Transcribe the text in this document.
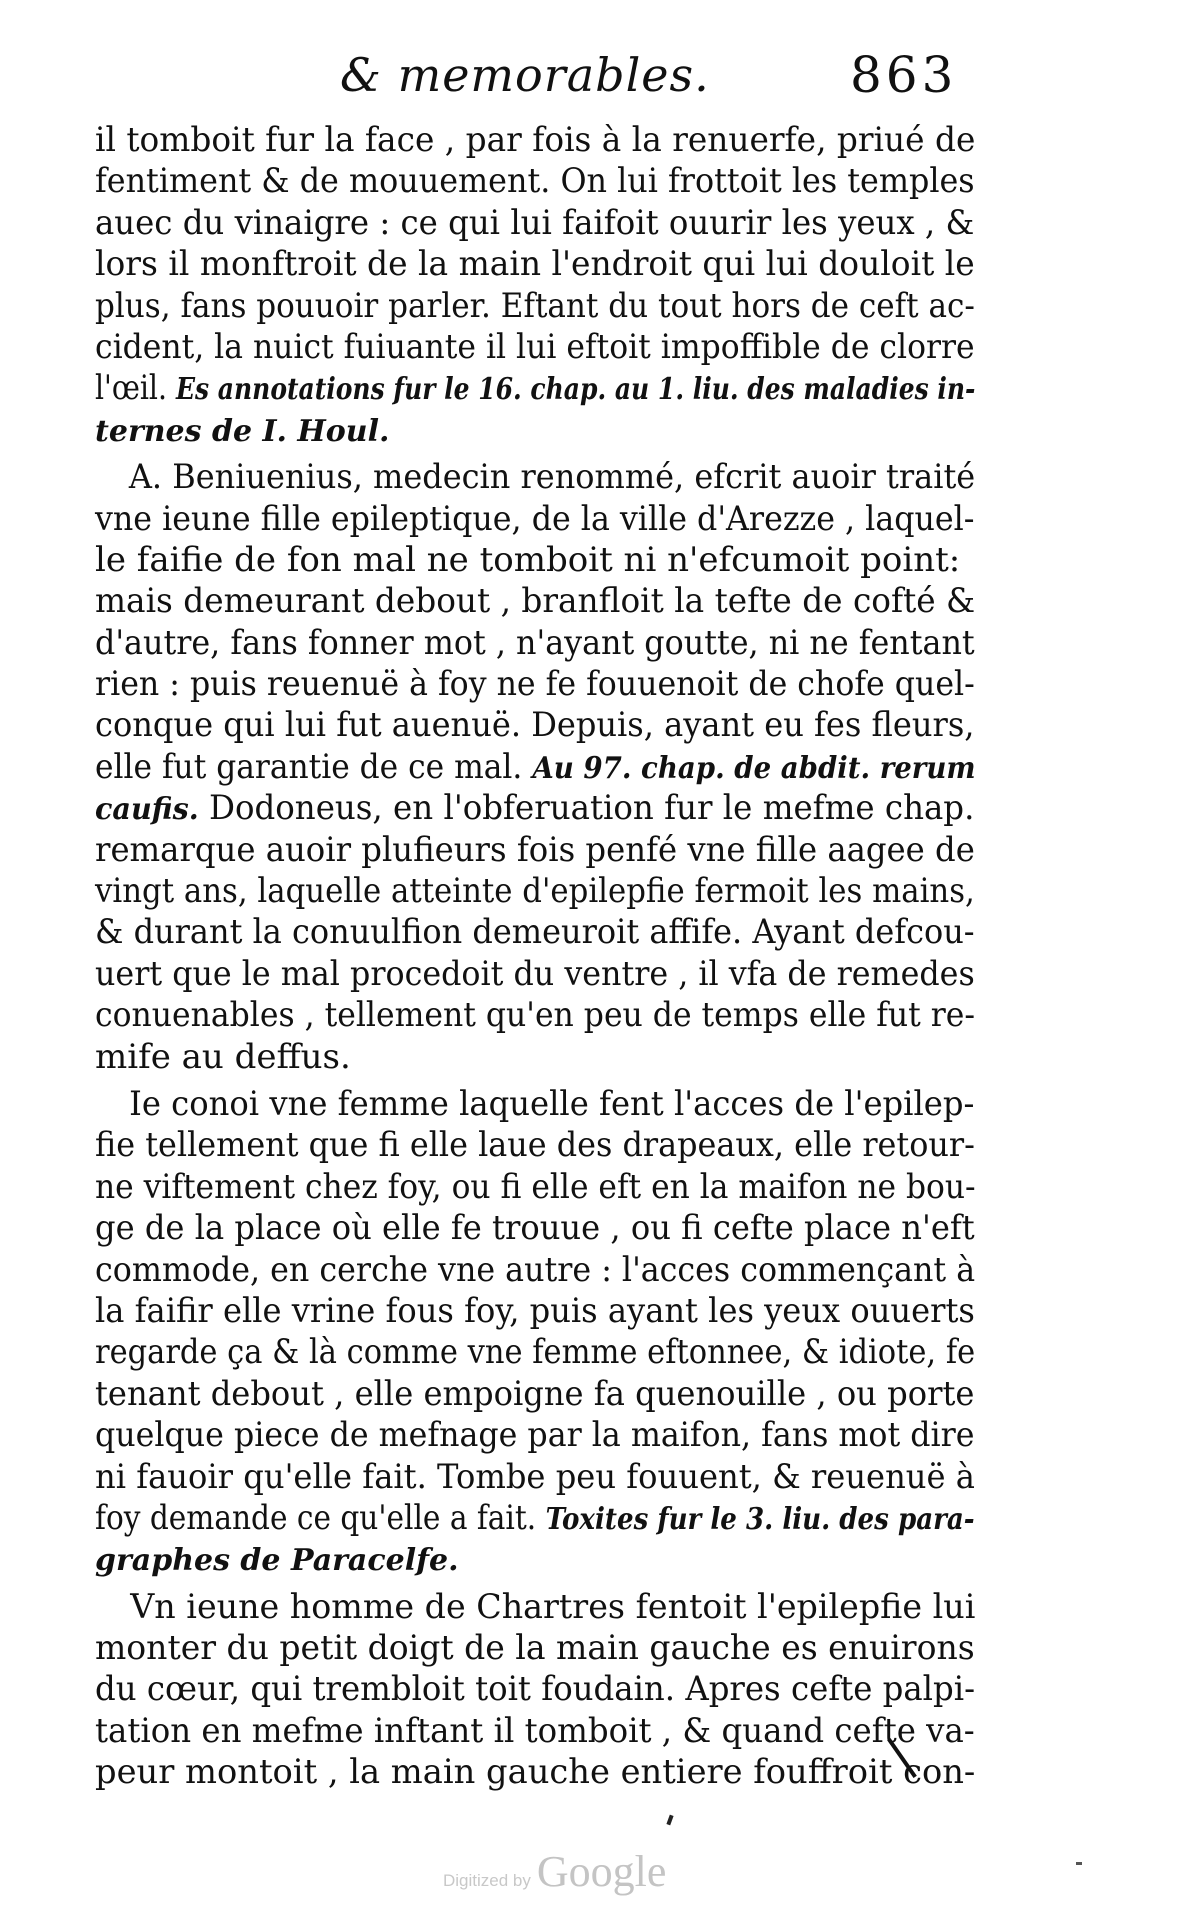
& memorables.	863
il tomboit fur la face , par fois à la renuerfe, priué de
fentiment & de mouuement. On lui frottoit les temples
auec du vinaigre : ce qui lui faifoit ouurir les yeux , &
lors il monftroit de la main l'endroit qui lui douloit le
plus, fans pouuoir parler. Eftant du tout hors de ceft ac-
cident, la nuict fuiuante il lui eftoit impoffible de clorre
l'œil. Es annotations fur le 16. chap. au 1. liu. des maladies in-
ternes de I. Houl.
A. Beniuenius, medecin renommé, efcrit auoir traité
vne ieune fille epileptique, de la ville d'Arezze , laquel-
le faifie de fon mal ne tomboit ni n'efcumoit point:
mais demeurant debout , branfloit la tefte de cofté &
d'autre, fans fonner mot , n'ayant goutte, ni ne fentant
rien : puis reuenuë à foy ne fe fouuenoit de chofe quel-
conque qui lui fut auenuë. Depuis, ayant eu fes fleurs,
elle fut garantie de ce mal. Au 97. chap. de abdit. rerum
caufis. Dodoneus, en l'obferuation fur le mefme chap.
remarque auoir plufieurs fois penfé vne fille aagee de
vingt ans, laquelle atteinte d'epilepfie fermoit les mains,
& durant la conuulfion demeuroit affife. Ayant defcou-
uert que le mal procedoit du ventre , il vfa de remedes
conuenables , tellement qu'en peu de temps elle fut re-
mife au deffus.
Ie conoi vne femme laquelle fent l'acces de l'epilep-
fie tellement que fi elle laue des drapeaux, elle retour-
ne viftement chez foy, ou fi elle eft en la maifon ne bou-
ge de la place où elle fe trouue , ou fi cefte place n'eft
commode, en cerche vne autre : l'acces commençant à
la faifir elle vrine fous foy, puis ayant les yeux ouuerts
regarde ça & là comme vne femme eftonnee, & idiote, fe
tenant debout , elle empoigne fa quenouille , ou porte
quelque piece de mefnage par la maifon, fans mot dire
ni fauoir qu'elle fait. Tombe peu fouuent, & reuenuë à
foy demande ce qu'elle a fait. Toxites fur le 3. liu. des para-
graphes de Paracelfe.
Vn ieune homme de Chartres fentoit l'epilepfie lui
monter du petit doigt de la main gauche es enuirons
du cœur, qui trembloit toit foudain. Apres cefte palpi-
tation en mefme inftant il tomboit , & quand cefte va-
peur montoit , la main gauche entiere fouffroit con-
Digitized by Google
